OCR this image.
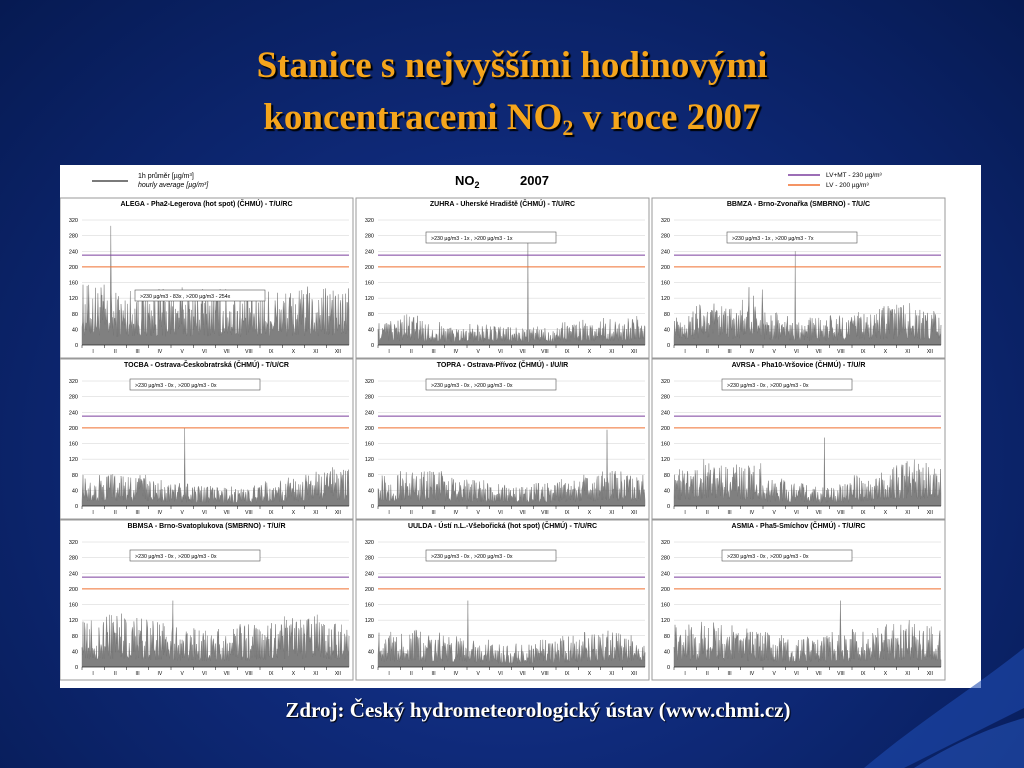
Stanice s nejvyššími hodinovými
koncentracemi $NO_2$ v roce 2007
1h průměr [µg/m³]
hourly average [µg/m³]	$NO_2$	2007	LV+MT - 230 µg/m³
LV - 200 µg/m³
ALEGA - Pha2-Legerova (hot spot) (ČHMÚ) - T/U/RC
0
40
80
120
160
200
240
280
320
>230 µg/m3 - 83x , >200 µg/m3 - 254x
I	II	III	IV	V	VI	VII	VIII	IX	X	XI	XII
ZUHRA - Uherské Hradiště (ČHMÚ) - T/U/RC
0
40
80
120
160
200
240
280
320
>230 µg/m3 - 1x , >200 µg/m3 - 1x
I	II	III	IV	V	VI	VII	VIII	IX	X	XI	XII
BBMZA - Brno-Zvonařka (SMBRNO) - T/U/C
0
40
80
120
160
200
240
280
320
>230 µg/m3 - 1x , >200 µg/m3 - 7x
I	II	III	IV	V	VI	VII	VIII	IX	X	XI	XII
TOCBA - Ostrava-Českobratrská (ČHMÚ) - T/U/CR
0
40
80
120
160
200
240
280
320
>230 µg/m3 - 0x , >200 µg/m3 - 0x
I	II	III	IV	V	VI	VII	VIII	IX	X	XI	XII
TOPRA - Ostrava-Přívoz (ČHMÚ) - I/U/IR
0
40
80
120
160
200
240
280
320
>230 µg/m3 - 0x , >200 µg/m3 - 0x
I	II	III	IV	V	VI	VII	VIII	IX	X	XI	XII
AVRSA - Pha10-Vršovice (ČHMÚ) - T/U/R
0
40
80
120
160
200
240
280
320
>230 µg/m3 - 0x , >200 µg/m3 - 0x
I	II	III	IV	V	VI	VII	VIII	IX	X	XI	XII
BBMSA - Brno-Svatoplukova (SMBRNO) - T/U/R
0
40
80
120
160
200
240
280
320
>230 µg/m3 - 0x , >200 µg/m3 - 0x
I	II	III	IV	V	VI	VII	VIII	IX	X	XI	XII
UULDA - Ústí n.L.-Všebořická (hot spot) (ČHMÚ) - T/U/RC
0
40
80
120
160
200
240
280
320
>230 µg/m3 - 0x , >200 µg/m3 - 0x
I	II	III	IV	V	VI	VII	VIII	IX	X	XI	XII
ASMIA - Pha5-Smíchov (ČHMÚ) - T/U/RC
0
40
80
120
160
200
240
280
320
>230 µg/m3 - 0x , >200 µg/m3 - 0x
I	II	III	IV	V	VI	VII	VIII	IX	X	XI	XII
Zdroj: Český hydrometeorologický ústav (www.chmi.cz)
